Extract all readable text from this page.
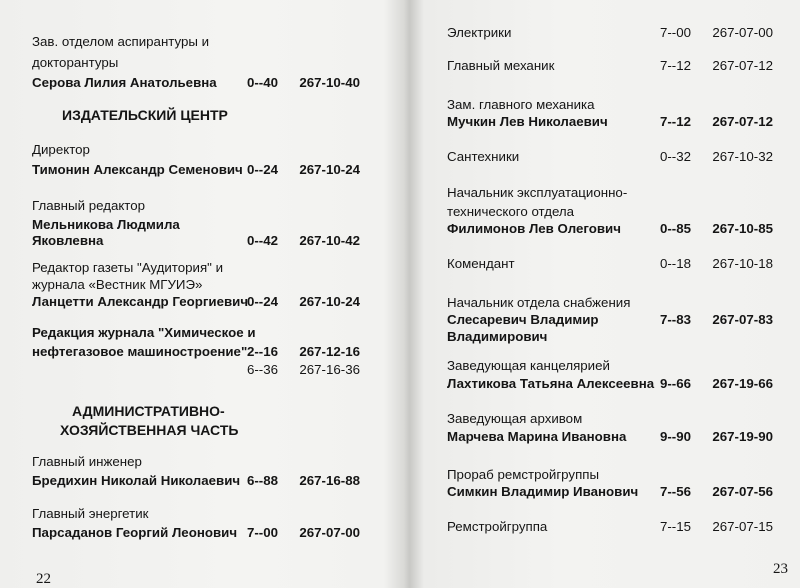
Зав. отделом аспирантуры и
докторантуры
Серова Лилия Анатольевна 0--40 267-10-40
ИЗДАТЕЛЬСКИЙ ЦЕНТР
Директор
Тимонин Александр Семенович 0--24 267-10-24
Главный редактор
Мельникова Людмила
Яковлевна	0--42 267-10-42
Редактор газеты "Аудитория" и
журнала «Вестник МГУИЭ»
Ланцетти Александр Георгиевич
0--24 267-10-24
Редакция журнала "Химическое и
нефтегазовое машиностроение" 2--16 267-12-16
6--36 267-16-36
АДМИНИСТРАТИВНО-
ХОЗЯЙСТВЕННАЯ ЧАСТЬ
Главный инженер
Бредихин Николай Николаевич 6--88 267-16-88
Главный энергетик
Парсаданов Георгий Леонович 7--00 267-07-00
22
Электрики	7--00 267-07-00
Главный механик	7--12 267-07-12
Зам. главного механика
Мучкин Лев Николаевич	7--12 267-07-12
Сантехники	0--32 267-10-32
Начальник эксплуатационно-
технического отдела
Филимонов Лев Олегович	0--85 267-10-85
Комендант	0--18 267-10-18
Начальник отдела снабжения
Слесаревич Владимир	7--83 267-07-83
Владимирович
Заведующая канцелярией
Лахтикова Татьяна Алексеевна 9--66 267-19-66
Заведующая архивом
Марчева Марина Ивановна	9--90 267-19-90
Прораб ремстройгруппы
Симкин Владимир Иванович 7--56 267-07-56
Ремстройгруппа	7--15 267-07-15
23
